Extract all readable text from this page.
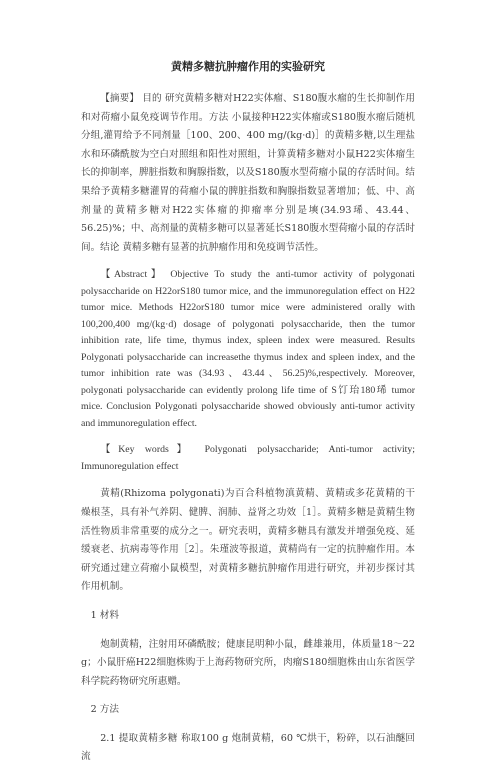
黄精多糖抗肿瘤作用的实验研究

【摘要】 目的 研究黄精多糖对H22实体瘤、S180腹水瘤的生长抑制作用和对荷瘤小鼠免疫调节作用。方法 小鼠接种H22实体瘤或S180腹水瘤后随机分组,灌胃给予不同剂量［100、200、400 mg/(kg·d)］的黄精多糖,以生理盐水和环磷酰胺为空白对照组和阳性对照组，计算黄精多糖对小鼠H22实体瘤生长的抑制率，脾脏指数和胸腺指数，以及S180腹水型荷瘤小鼠的存活时间。结果给予黄精多糖灌胃的荷瘤小鼠的脾脏指数和胸腺指数显著增加；低、中、高剂量的黄精多糖对H22实体瘤的抑瘤率分别是塽(34.93琋、43.44、56.25)%；中、高剂量的黄精多糖可以显著延长S180腹水型荷瘤小鼠的存活时间。结论 黄精多糖有显著的抗肿瘤作用和免疫调节活性。

【Abstract】 Objective To study the anti-tumor activity of polygonati polysaccharide on H22orS180 tumor mice, and the immunoregulation effect on H22 tumor mice. Methods H22orS180 tumor mice were administered orally with 100,200,400 mg/(kg·d) dosage of polygonati polysaccharide, then the tumor inhibition rate, life time, thymus index, spleen index were measured. Results Polygonati polysaccharide can increasethe thymus index and spleen index, and the tumor inhibition rate was (34.93、43.44、56.25)%,respectively. Moreover, polygonati polysaccharide can evidently prolong life time of S饤珆180琋 tumor mice. Conclusion Polygonati polysaccharide showed obviously anti-tumor activity and immunoregulation effect.

【Key words】 Polygonati polysaccharide; Anti-tumor activity; Immunoregulation effect

黄精(Rhizoma polygonati)为百合科植物滇黄精、黄精或多花黄精的干燥根茎，具有补气养阴、健脾、润肺、益肾之功效［1］。黄精多糖是黄精生物活性物质非常重要的成分之一。研究表明，黄精多糖具有激发并增强免疫、延缓衰老、抗病毒等作用［2］。朱瑾波等报道，黄精尚有一定的抗肿瘤作用。本研究通过建立荷瘤小鼠模型，对黄精多糖抗肿瘤作用进行研究，并初步探讨其作用机制。

1 材料

炮制黄精，注射用环磷酰胺；健康昆明种小鼠，雌雄兼用，体质量18～22 g；小鼠肝癌H22细胞株购于上海药物研究所，肉瘤S180细胞株由山东省医学科学院药物研究所惠赠。

2 方法

2.1 提取黄精多糖 称取100 g 炮制黄精，60 ℃烘干，粉碎，以石油醚回流
